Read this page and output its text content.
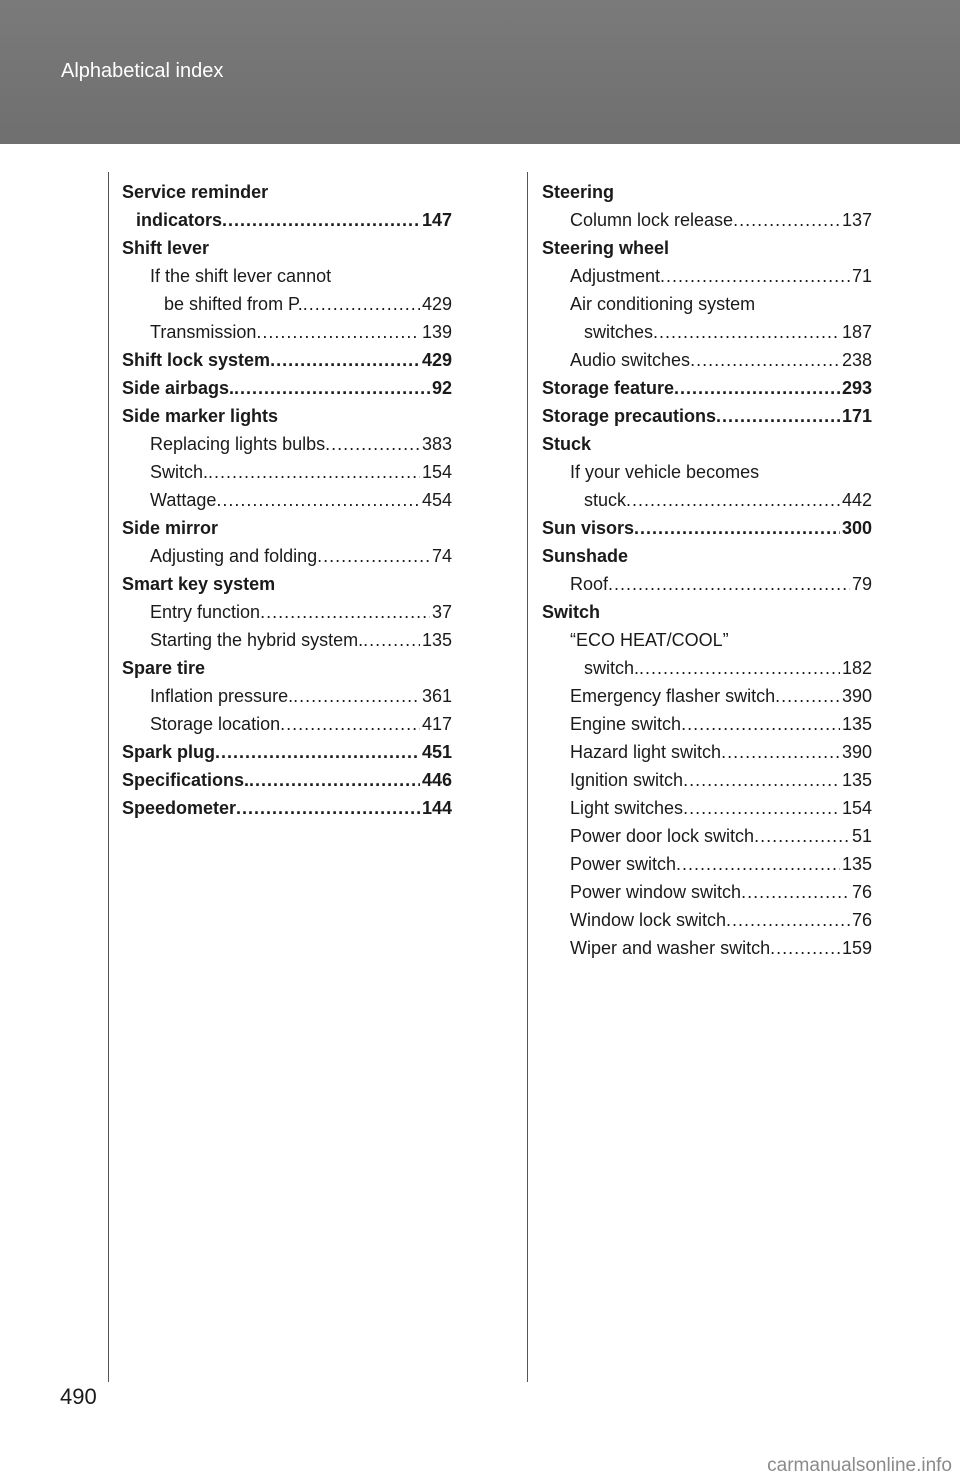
Alphabetical index
Service reminder
indicators .....	147
Shift lever
If the shift lever cannot
be shifted from P. .....	429
Transmission .....	139
Shift lock system .....	429
Side airbags. .....	92
Side marker lights
Replacing lights bulbs .....	383
Switch. .....	154
Wattage .....	454
Side mirror
Adjusting and folding .....	74
Smart key system
Entry function .....	37
Starting the hybrid system. .....	135
Spare tire
Inflation pressure. .....	361
Storage location .....	417
Spark plug .....	451
Specifications. .....	446
Speedometer .....	144
Steering
Column lock release .....	137
Steering wheel
Adjustment .....	71
Air conditioning system
switches .....	187
Audio switches .....	238
Storage feature .....	293
Storage precautions .....	171
Stuck
If your vehicle becomes
stuck .....	442
Sun visors .....	300
Sunshade
Roof .....	79
Switch
“ECO HEAT/COOL”
switch. .....	182
Emergency flasher switch .....	390
Engine switch .....	135
Hazard light switch .....	390
Ignition switch .....	135
Light switches .....	154
Power door lock switch .....	51
Power switch .....	135
Power window switch .....	76
Window lock switch .....	76
Wiper and washer switch .....	159
490
carmanualsonline.info
